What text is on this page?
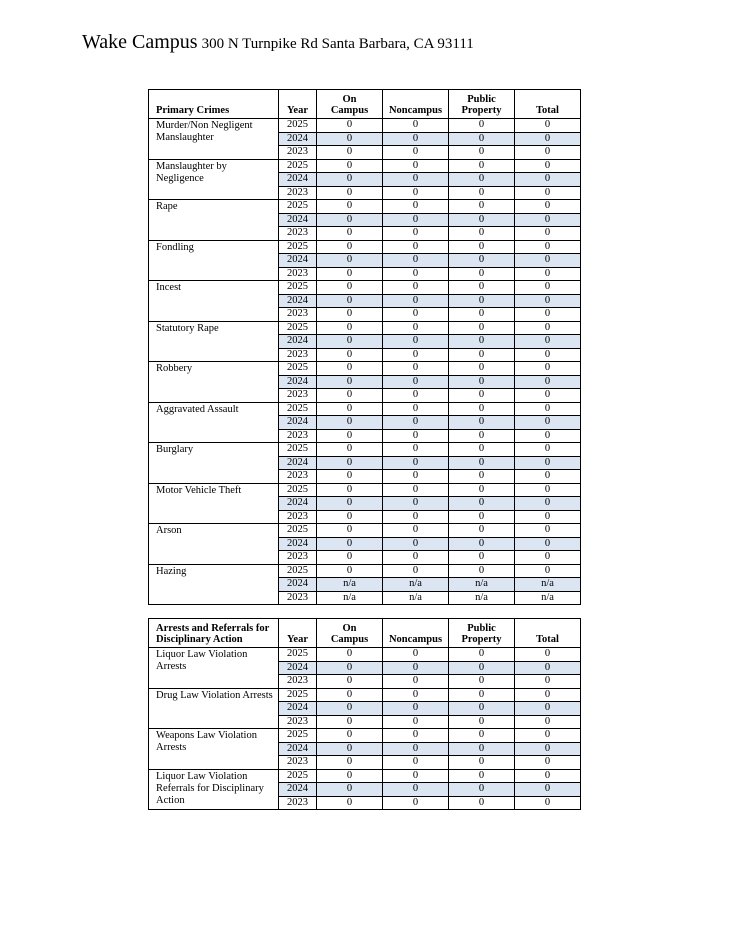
Wake Campus 300 N Turnpike Rd Santa Barbara, CA 93111
Primary Crimes	Year	On Campus	Noncampus	Public Property	Total
Murder/Non Negligent Manslaughter	2025	0	0	0	0
	2024	0	0	0	0
	2023	0	0	0	0
Manslaughter by Negligence	2025	0	0	0	0
	2024	0	0	0	0
	2023	0	0	0	0
Rape	2025	0	0	0	0
	2024	0	0	0	0
	2023	0	0	0	0
Fondling	2025	0	0	0	0
	2024	0	0	0	0
	2023	0	0	0	0
Incest	2025	0	0	0	0
	2024	0	0	0	0
	2023	0	0	0	0
Statutory Rape	2025	0	0	0	0
	2024	0	0	0	0
	2023	0	0	0	0
Robbery	2025	0	0	0	0
	2024	0	0	0	0
	2023	0	0	0	0
Aggravated Assault	2025	0	0	0	0
	2024	0	0	0	0
	2023	0	0	0	0
Burglary	2025	0	0	0	0
	2024	0	0	0	0
	2023	0	0	0	0
Motor Vehicle Theft	2025	0	0	0	0
	2024	0	0	0	0
	2023	0	0	0	0
Arson	2025	0	0	0	0
	2024	0	0	0	0
	2023	0	0	0	0
Hazing	2025	0	0	0	0
	2024	n/a	n/a	n/a	n/a
	2023	n/a	n/a	n/a	n/a
Arrests and Referrals for Disciplinary Action	Year	On Campus	Noncampus	Public Property	Total
Liquor Law Violation Arrests	2025	0	0	0	0
	2024	0	0	0	0
	2023	0	0	0	0
Drug Law Violation Arrests	2025	0	0	0	0
	2024	0	0	0	0
	2023	0	0	0	0
Weapons Law Violation Arrests	2025	0	0	0	0
	2024	0	0	0	0
	2023	0	0	0	0
Liquor Law Violation Referrals for Disciplinary Action	2025	0	0	0	0
	2024	0	0	0	0
	2023	0	0	0	0
